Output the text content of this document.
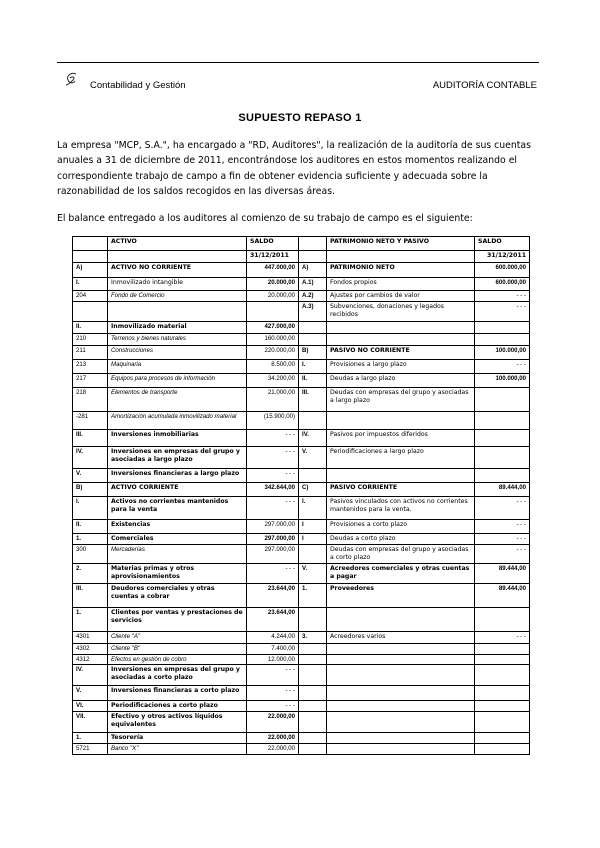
Contabilidad y Gestión	AUDITORÍA CONTABLE
SUPUESTO REPASO 1
La empresa "MCP, S.A.", ha encargado a "RD, Auditores", la realización de la auditoría de sus cuentas anuales a 31 de diciembre de 2011, encontrándose los auditores en estos momentos realizando el correspondiente trabajo de campo a fin de obtener evidencia suficiente y adecuada sobre la razonabilidad de los saldos recogidos en las diversas áreas.
El balance entregado a los auditores al comienzo de su trabajo de campo es el siguiente:
	ACTIVO	SALDO		PATRIMONIO NETO Y PASIVO	SALDO
		31/12/2011			31/12/2011
A)	ACTIVO NO CORRIENTE	447.000,00	A)	PATRIMONIO NETO	600.000,00
I.	Inmovilizado intangible	20.000,00	A.1)	Fondos propios	600.000,00
204	Fondo de Comercio	20.000,00	A.2)	Ajustes por cambios de valor	- - -
			A.3)	Subvenciones, donaciones y legados recibidos	- - -
II.	Inmovilizado material	427.000,00			
210	Terrenos y bienes naturales	160.000,00			
211	Construcciones	220.000,00	B)	PASIVO NO CORRIENTE	100.000,00
213	Maquinaria	8.500,00	I.	Provisiones a largo plazo	- - -
217	Equipos para procesos de información	34.200,00	II.	Deudas a largo plazo	100.000,00
218	Elementos de transporte	21.000,00	III.	Deudas con empresas del grupo y asociadas a largo plazo	
-281	Amortización acumulada inmovilizado material	(15.900,00)			
III.	Inversiones inmobiliarias	- - -	IV.	Pasivos por impuestos diferidos	
IV.	Inversiones en empresas del grupo y asociadas a largo plazo	- - -	V.	Periodificaciones a largo plazo	
V.	Inversiones financieras a largo plazo	- - -			
B)	ACTIVO CORRIENTE	342.644,00	C)	PASIVO CORRIENTE	89.444,00
I.	Activos no corrientes mantenidos para la venta	- - -	I.	Pasivos vinculados con activos no corrientes mantenidos para la venta.	- - -
II.	Existencias	297.000,00	I	Provisiones a corto plazo	- - -
1.	Comerciales	297.000,00	I	Deudas a corto plazo	- - -
300	Mercaderías	297.000,00		Deudas con empresas del grupo y asociadas a corto plazo	- - -
2.	Materias primas y otros aprovisionamientos	- - -	V.	Acreedores comerciales y otras cuentas a pagar	89.444,00
III.	Deudores comerciales y otras cuentas a cobrar	23.644,00	1.	Proveedores	89.444,00
1.	Clientes por ventas y prestaciones de servicios	23.644,00			
4301	Cliente "A"	4.244,00	3.	Acreedores varios	- - -
4302	Cliente "B"	7.400,00			
4312	Efectos en gestión de cobro	12.000,00			
IV.	Inversiones en empresas del grupo y asociadas a corto plazo	- - -			
V.	Inversiones financieras a corto plazo	- - -			
VI.	Periodificaciones a corto plazo	- - -			
VII.	Efectivo y otros activos líquidos equivalentes	22.000,00			
1.	Tesorería	22.000,00			
5721	Banco "X"	22.000,00			
